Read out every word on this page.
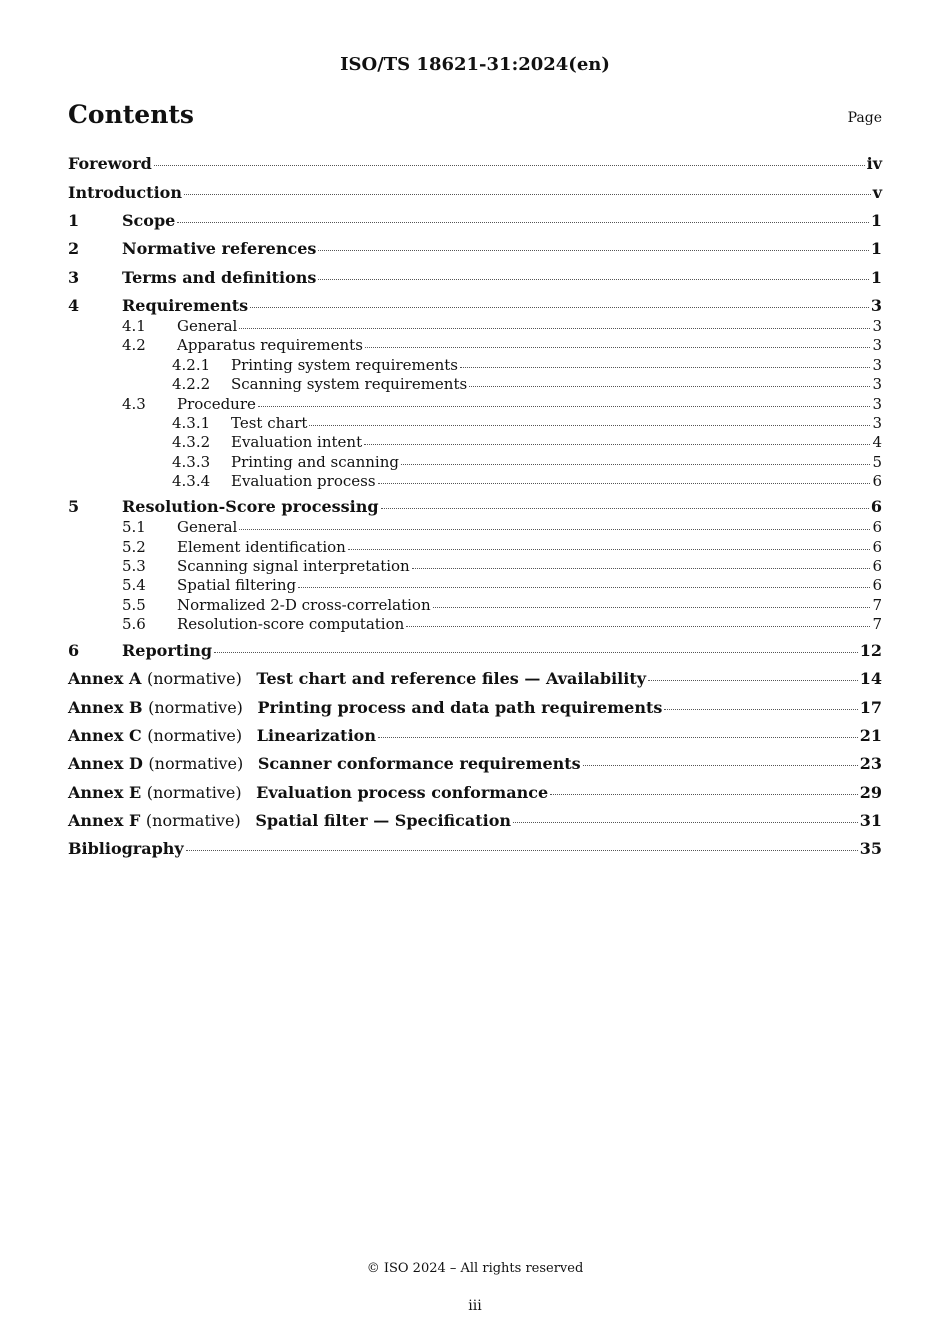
ISO/TS 18621-31:2024(en)
Contents	Page
Foreword	iv
Introduction	v
1	Scope	1
2	Normative references	1
3	Terms and definitions	1
4	Requirements	3
4.1	General	3
4.2	Apparatus requirements	3
4.2.1	Printing system requirements	3
4.2.2	Scanning system requirements	3
4.3	Procedure	3
4.3.1	Test chart	3
4.3.2	Evaluation intent	4
4.3.3	Printing and scanning	5
4.3.4	Evaluation process	6
5	Resolution-Score processing	6
5.1	General	6
5.2	Element identification	6
5.3	Scanning signal interpretation	6
5.4	Spatial filtering	6
5.5	Normalized 2-D cross-correlation	7
5.6	Resolution-score computation	7
6	Reporting	12
Annex A (normative) Test chart and reference files — Availability	14
Annex B (normative) Printing process and data path requirements	17
Annex C (normative) Linearization	21
Annex D (normative) Scanner conformance requirements	23
Annex E (normative) Evaluation process conformance	29
Annex F (normative) Spatial filter — Specification	31
Bibliography	35
© ISO 2024 – All rights reserved
iii
